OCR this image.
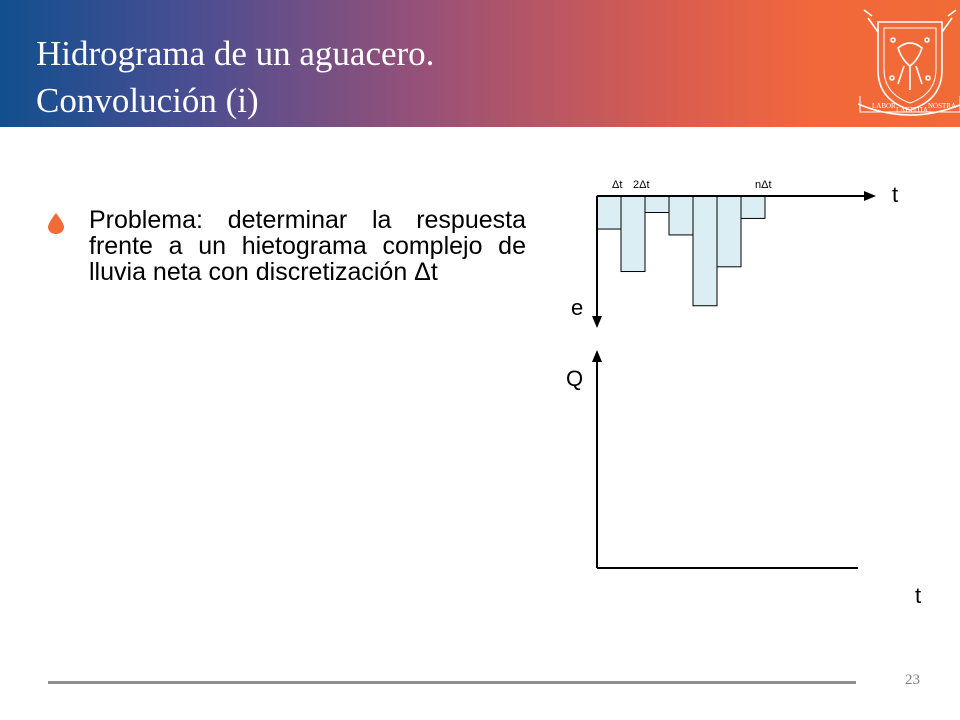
Hidrograma de un aguacero.
Convolución (i)	LABOR LAETITIA NOSTRA
Problema: determinar la respuesta frente a un hietograma complejo de lluvia neta con discretización Δt
Δt 2Δt	nΔt	t
e
Q
t
23
